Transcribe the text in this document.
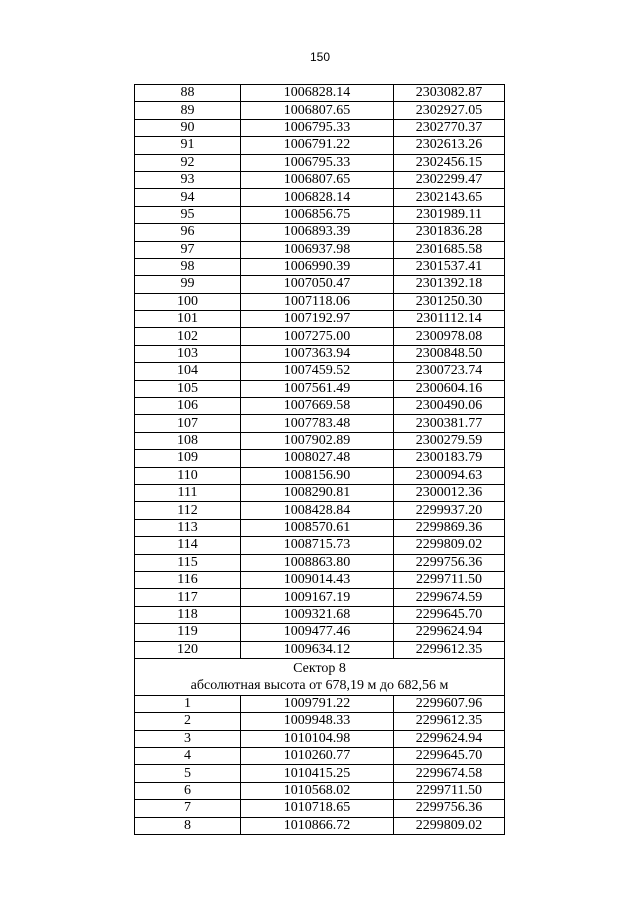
150
88	1006828.14	2303082.87
89	1006807.65	2302927.05
90	1006795.33	2302770.37
91	1006791.22	2302613.26
92	1006795.33	2302456.15
93	1006807.65	2302299.47
94	1006828.14	2302143.65
95	1006856.75	2301989.11
96	1006893.39	2301836.28
97	1006937.98	2301685.58
98	1006990.39	2301537.41
99	1007050.47	2301392.18
100	1007118.06	2301250.30
101	1007192.97	2301112.14
102	1007275.00	2300978.08
103	1007363.94	2300848.50
104	1007459.52	2300723.74
105	1007561.49	2300604.16
106	1007669.58	2300490.06
107	1007783.48	2300381.77
108	1007902.89	2300279.59
109	1008027.48	2300183.79
110	1008156.90	2300094.63
111	1008290.81	2300012.36
112	1008428.84	2299937.20
113	1008570.61	2299869.36
114	1008715.73	2299809.02
115	1008863.80	2299756.36
116	1009014.43	2299711.50
117	1009167.19	2299674.59
118	1009321.68	2299645.70
119	1009477.46	2299624.94
120	1009634.12	2299612.35

Сектор 8
абсолютная высота от 678,19 м до 682,56 м		

1	1009791.22	2299607.96
2	1009948.33	2299612.35
3	1010104.98	2299624.94
4	1010260.77	2299645.70
5	1010415.25	2299674.58
6	1010568.02	2299711.50
7	1010718.65	2299756.36
8	1010866.72	2299809.02
